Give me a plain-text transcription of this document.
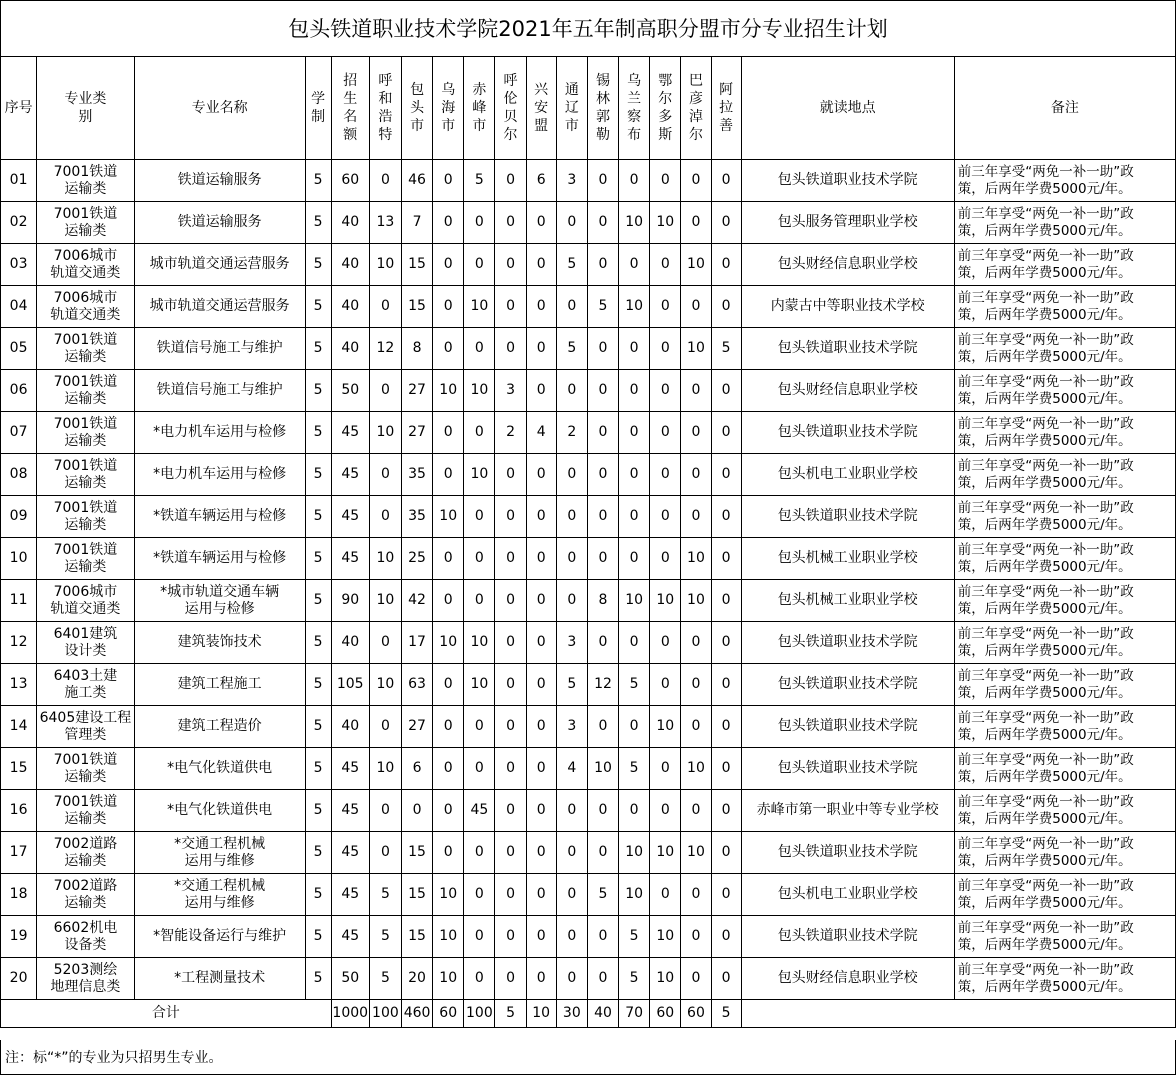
包头铁道职业技术学院2021年五年制高职分盟市分专业招生计划
序号	专业类别	专业名称	学制	招生名额	呼和浩特	包头市	乌海市	赤峰市	呼伦贝尔	兴安盟	通辽市	锡林郭勒	乌兰察布	鄂尔多斯	巴彦淖尔	阿拉善	就读地点	备注
01	7001铁道
运输类	铁道运输服务	5	60	0	46	0	5	0	6	3	0	0	0	0	0	包头铁道职业技术学院	前三年享受“两免一补一助”政
策，后两年学费5000元/年。
02	7001铁道
运输类	铁道运输服务	5	40	13	7	0	0	0	0	0	0	10	10	0	0	包头服务管理职业学校	前三年享受“两免一补一助”政
策，后两年学费5000元/年。
03	7006城市
轨道交通类	城市轨道交通运营服务	5	40	10	15	0	0	0	0	5	0	0	0	10	0	包头财经信息职业学校	前三年享受“两免一补一助”政
策，后两年学费5000元/年。
04	7006城市
轨道交通类	城市轨道交通运营服务	5	40	0	15	0	10	0	0	0	5	10	0	0	0	内蒙古中等职业技术学校	前三年享受“两免一补一助”政
策，后两年学费5000元/年。
05	7001铁道
运输类	铁道信号施工与维护	5	40	12	8	0	0	0	0	5	0	0	0	10	5	包头铁道职业技术学院	前三年享受“两免一补一助”政
策，后两年学费5000元/年。
06	7001铁道
运输类	铁道信号施工与维护	5	50	0	27	10	10	3	0	0	0	0	0	0	0	包头财经信息职业学校	前三年享受“两免一补一助”政
策，后两年学费5000元/年。
07	7001铁道
运输类	*电力机车运用与检修	5	45	10	27	0	0	2	4	2	0	0	0	0	0	包头铁道职业技术学院	前三年享受“两免一补一助”政
策，后两年学费5000元/年。
08	7001铁道
运输类	*电力机车运用与检修	5	45	0	35	0	10	0	0	0	0	0	0	0	0	包头机电工业职业学校	前三年享受“两免一补一助”政
策，后两年学费5000元/年。
09	7001铁道
运输类	*铁道车辆运用与检修	5	45	0	35	10	0	0	0	0	0	0	0	0	0	包头铁道职业技术学院	前三年享受“两免一补一助”政
策，后两年学费5000元/年。
10	7001铁道
运输类	*铁道车辆运用与检修	5	45	10	25	0	0	0	0	0	0	0	0	10	0	包头机械工业职业学校	前三年享受“两免一补一助”政
策，后两年学费5000元/年。
11	7006城市
轨道交通类	*城市轨道交通车辆
运用与检修	5	90	10	42	0	0	0	0	0	8	10	10	10	0	包头机械工业职业学校	前三年享受“两免一补一助”政
策，后两年学费5000元/年。
12	6401建筑
设计类	建筑装饰技术	5	40	0	17	10	10	0	0	3	0	0	0	0	0	包头铁道职业技术学院	前三年享受“两免一补一助”政
策，后两年学费5000元/年。
13	6403土建
施工类	建筑工程施工	5	105	10	63	0	10	0	0	5	12	5	0	0	0	包头铁道职业技术学院	前三年享受“两免一补一助”政
策，后两年学费5000元/年。
14	6405建设工程
管理类	建筑工程造价	5	40	0	27	0	0	0	0	3	0	0	10	0	0	包头铁道职业技术学院	前三年享受“两免一补一助”政
策，后两年学费5000元/年。
15	7001铁道
运输类	*电气化铁道供电	5	45	10	6	0	0	0	0	4	10	5	0	10	0	包头铁道职业技术学院	前三年享受“两免一补一助”政
策，后两年学费5000元/年。
16	7001铁道
运输类	*电气化铁道供电	5	45	0	0	0	45	0	0	0	0	0	0	0	0	赤峰市第一职业中等专业学校	前三年享受“两免一补一助”政
策，后两年学费5000元/年。
17	7002道路
运输类	*交通工程机械
运用与维修	5	45	0	15	0	0	0	0	0	0	10	10	10	0	包头铁道职业技术学院	前三年享受“两免一补一助”政
策，后两年学费5000元/年。
18	7002道路
运输类	*交通工程机械
运用与维修	5	45	5	15	10	0	0	0	0	5	10	0	0	0	包头机电工业职业学校	前三年享受“两免一补一助”政
策，后两年学费5000元/年。
19	6602机电
设备类	*智能设备运行与维护	5	45	5	15	10	0	0	0	0	0	5	10	0	0	包头铁道职业技术学院	前三年享受“两免一补一助”政
策，后两年学费5000元/年。
20	5203测绘
地理信息类	*工程测量技术	5	50	5	20	10	0	0	0	0	0	5	10	0	0	包头财经信息职业学校	前三年享受“两免一补一助”政
策，后两年学费5000元/年。
合计				1000	100	460	60	100	5	10	30	40	70	60	60	5		
注：标“*”的专业为只招男生专业。
